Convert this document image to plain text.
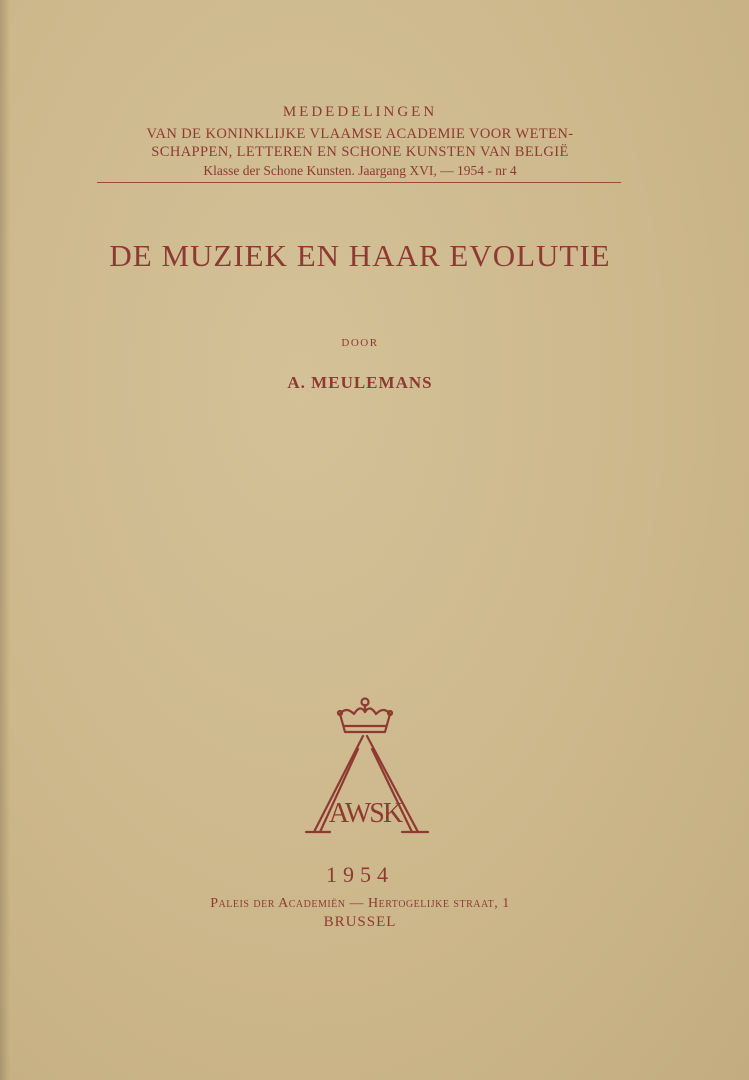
MEDEDELINGEN
VAN DE KONINKLIJKE VLAAMSE ACADEMIE VOOR WETEN-
SCHAPPEN, LETTEREN EN SCHONE KUNSTEN VAN BELGIË
Klasse der Schone Kunsten. Jaargang XVI, — 1954 - nr 4
DE MUZIEK EN HAAR EVOLUTIE
DOOR
A. MEULEMANS
AWSK
1954
Paleis der Academiën — Hertogelijke straat, 1
BRUSSEL
